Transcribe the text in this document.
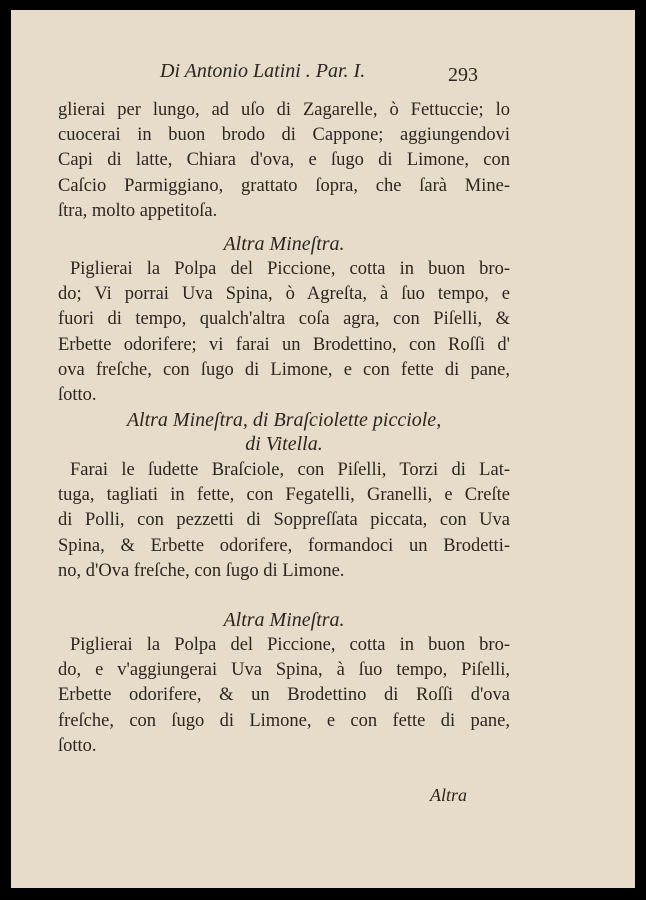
Di Antonio Latini . Par. I.	293
glierai per lungo, ad uſo di Zagarelle, ò Fettuccie; lo
cuocerai in buon brodo di Cappone; aggiungendovi
Capi di latte, Chiara d'ova, e ſugo di Limone, con
Caſcio Parmiggiano, grattato ſopra, che ſarà Mine-
ſtra, molto appetitoſa.
Altra Mineſtra.
Piglierai la Polpa del Piccione, cotta in buon bro-
do; Vi porrai Uva Spina, ò Agreſta, à ſuo tempo, e
fuori di tempo, qualch'altra coſa agra, con Piſelli, &
Erbette odorifere; vi farai un Brodettino, con Roſſi d'
ova freſche, con ſugo di Limone, e con fette di pane,
ſotto.
Altra Mineſtra, di Braſciolette picciole,
di Vitella.
Farai le ſudette Braſciole, con Piſelli, Torzi di Lat-
tuga, tagliati in fette, con Fegatelli, Granelli, e Creſte
di Polli, con pezzetti di Soppreſſata piccata, con Uva
Spina, & Erbette odorifere, formandoci un Brodetti-
no, d'Ova freſche, con ſugo di Limone.
Altra Mineſtra.
Piglierai la Polpa del Piccione, cotta in buon bro-
do, e v'aggiungerai Uva Spina, à ſuo tempo, Piſelli,
Erbette odorifere, & un Brodettino di Roſſi d'ova
freſche, con ſugo di Limone, e con fette di pane,
ſotto.
Altra
